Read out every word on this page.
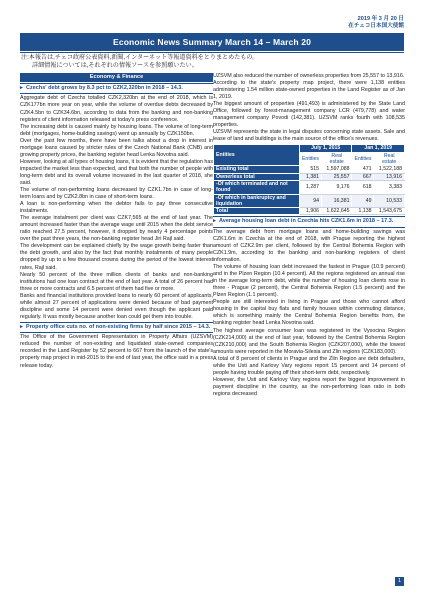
2019 年 3 月 20 日
在チェコ日本国大使館
Economic News Summary March 14 – March 20
注:本報告は,チェコ政府公表資料,新聞,インターネット等報道資料をとりまとめたもの。
詳細情報については,それぞれの情報ソースを参照願いたい。
Economy & Finance
▸ Czechs' debt grows by 8.3 pct to CZK2,320bn in 2018 – 14.3.

Aggregate debt of Czechs totalled CZK2,320bn at the end of 2018, which is CZK177bn more year on year, while the volume of overdue debts decreased by CZK4.5bn to CZK34.6bn, according to data from the banking and non-banking registers of client information released at today's press conference.

The increasing debt is caused mainly by housing loans. The volume of long-term debt (mortgages, home-building savings) went up annually by CZK150bn.

Over the past few months, there have been talks about a drop in interest in mortgage loans caused by stricter rules of the Czech National Bank (CNB) and growing property prices, the banking register head Lenka Novotna said.

However, looking at all types of housing loans, it is evident that the regulation has impacted the market less than expected, and that both the number of people with long-term debt and its overall volume increased in the last quarter of 2018, she said.

The volume of non-performing loans decreased by CZK1.7bn in case of long-term loans and by CZK2.8bn in case of short-term loans.

A loan is non-performing when the debtor fails to pay three consecutive instalments.

The average instalment per client was CZK7,565 at the end of last year. The amount increased faster than the average wage until 2015 when the debt service ratio reached 27.5 percent, however, it dropped by nearly 4 percentage points over the past three years, the non-banking register head Jiri Rajl said.

The development can be explained chiefly by the wage growth being faster than the debt growth, and also by the fact that monthly instalments of many people dropped by up to a few thousand crowns during the period of the lowest interest rates, Rajl said.

Nearly 50 percent of the three million clients of banks and non-banking institutions had one loan contract at the end of last year. A total of 26 percent had three or more contracts and 6.5 percent of them had five or more.

Banks and financial institutions provided loans to nearly 60 percent of applicants, while almost 27 percent of applications were denied because of bad payment discipline and some 14 percent were denied even though the applicant paid regularly. It was mostly because another loan could get them into trouble.

▸ Property office cuts no. of non-existing firms by half since 2015 – 14.3.

The Office of the Government Representation in Property Affairs (UZSVM) reduced the number of non-existing and liquidated state-owned companies recorded in the Land Register by 52 percent to 667 from the launch of the state's property map project in mid-2015 to the end of last year, the office said in a press release today.

1

UZSVM also reduced the number of ownerless properties from 25,557 to 13,916.

According to the state's property map project, there were 1,138 entities administering 1.54 million state-owned properties in the Land Register as of Jan 1, 2019.

The biggest amount of properties (491,493) is administered by the State Land Office, followed by forest-management company LCR (479,778) and water management company Povodi (142,381). UZSVM ranks fourth with 108,535 properties.

UZSVM represents the state in legal disputes concerning state assets. Sale and lease of land and buildings is the main source of the office's revenues.

Entities	July 1, 2015		Jan 1, 2019	
	Entities	Real estate	Entities	Real estate
Existing total	515	1,597,088	471	1,522,188
Ownerless total	1,381	25,557	667	13,916
-Of which terminated and not found	1,287	9,176	618	3,383
-Of which in bankruptcy and liquidation	94	16,381	49	10,533
Total	1,906	1,622,645	1,138	1,543,675
▸ Average housing loan debt in Czechia hits CZK1.6m in 2018 – 17.3.

The average debt from mortgage loans and home-building savings was CZK1.6m in Czechia at the end of 2018, with Prague reporting the highest amount of CZK2.9m per client, followed by the Central Bohemia Region with CZK1.9m, according to the banking and non-banking registers of client information.

The volume of housing loan debt increased the fastest in Prague (10.9 percent) and in the Plzen Region (10.4 percent). All the regions registered an annual rise in the average long-term debt, while the number of housing loan clients rose in three - Prague (2 percent), the Central Bohemia Region (1.5 percent) and the Plzen Region (1.1 percent).

People are still interested in living in Prague and those who cannot afford housing in the capital buy flats and family houses within commuting distance, which is something mainly the Central Bohemia Region benefits from, the banking register head Lenka Novotna said.

The highest average consumer loan was registered in the Vysocina Region (CZK214,000) at the end of last year, followed by the Central Bohemia Region (CZK210,000) and the South Bohemia Region (CZK207,000), while the lowest amounts were reported in the Moravia-Silesia and Zlin regions (CZK183,000).

A total of 8 percent of clients in Prague and the Zlin Region are debt defaulters, while the Usti and Karlovy Vary regions report 15 percent and 14 percent of people having trouble paying off their short-term debt, respectively.

However, the Usti and Karlovy Vary regions report the biggest improvement in payment discipline in the country, as the non-performing loan ratio in both regions decreased
